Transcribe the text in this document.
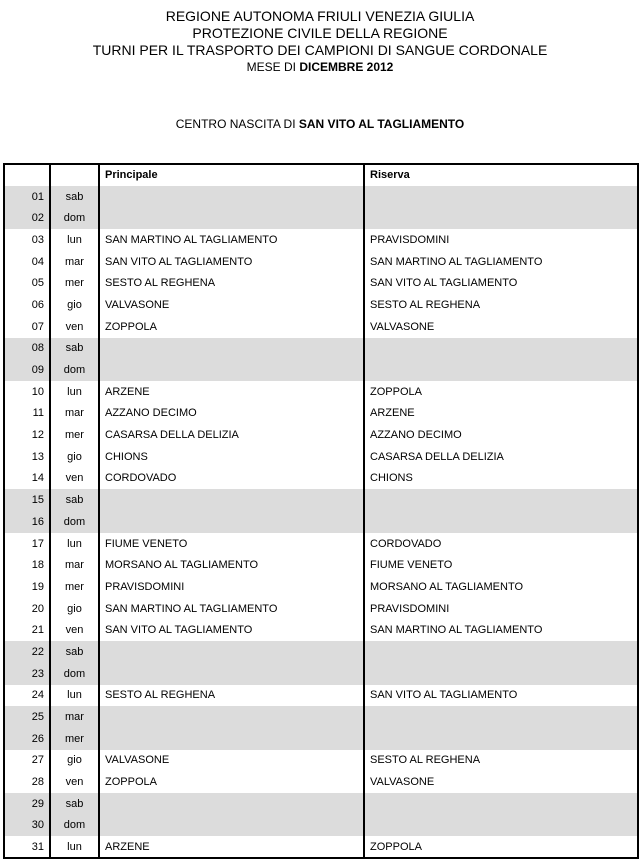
REGIONE AUTONOMA FRIULI VENEZIA GIULIA
PROTEZIONE CIVILE DELLA REGIONE
TURNI PER IL TRASPORTO DEI CAMPIONI DI SANGUE CORDONALE
MESE DI DICEMBRE 2012
CENTRO NASCITA DI SAN VITO AL TAGLIAMENTO
		Principale	Riserva
01	sab		
02	dom		
03	lun	SAN MARTINO AL TAGLIAMENTO	PRAVISDOMINI
04	mar	SAN VITO AL TAGLIAMENTO	SAN MARTINO AL TAGLIAMENTO
05	mer	SESTO AL REGHENA	SAN VITO AL TAGLIAMENTO
06	gio	VALVASONE	SESTO AL REGHENA
07	ven	ZOPPOLA	VALVASONE
08	sab		
09	dom		
10	lun	ARZENE	ZOPPOLA
11	mar	AZZANO DECIMO	ARZENE
12	mer	CASARSA DELLA DELIZIA	AZZANO DECIMO
13	gio	CHIONS	CASARSA DELLA DELIZIA
14	ven	CORDOVADO	CHIONS
15	sab		
16	dom		
17	lun	FIUME VENETO	CORDOVADO
18	mar	MORSANO AL TAGLIAMENTO	FIUME VENETO
19	mer	PRAVISDOMINI	MORSANO AL TAGLIAMENTO
20	gio	SAN MARTINO AL TAGLIAMENTO	PRAVISDOMINI
21	ven	SAN VITO AL TAGLIAMENTO	SAN MARTINO AL TAGLIAMENTO
22	sab		
23	dom		
24	lun	SESTO AL REGHENA	SAN VITO AL TAGLIAMENTO
25	mar		
26	mer		
27	gio	VALVASONE	SESTO AL REGHENA
28	ven	ZOPPOLA	VALVASONE
29	sab		
30	dom		
31	lun	ARZENE	ZOPPOLA
